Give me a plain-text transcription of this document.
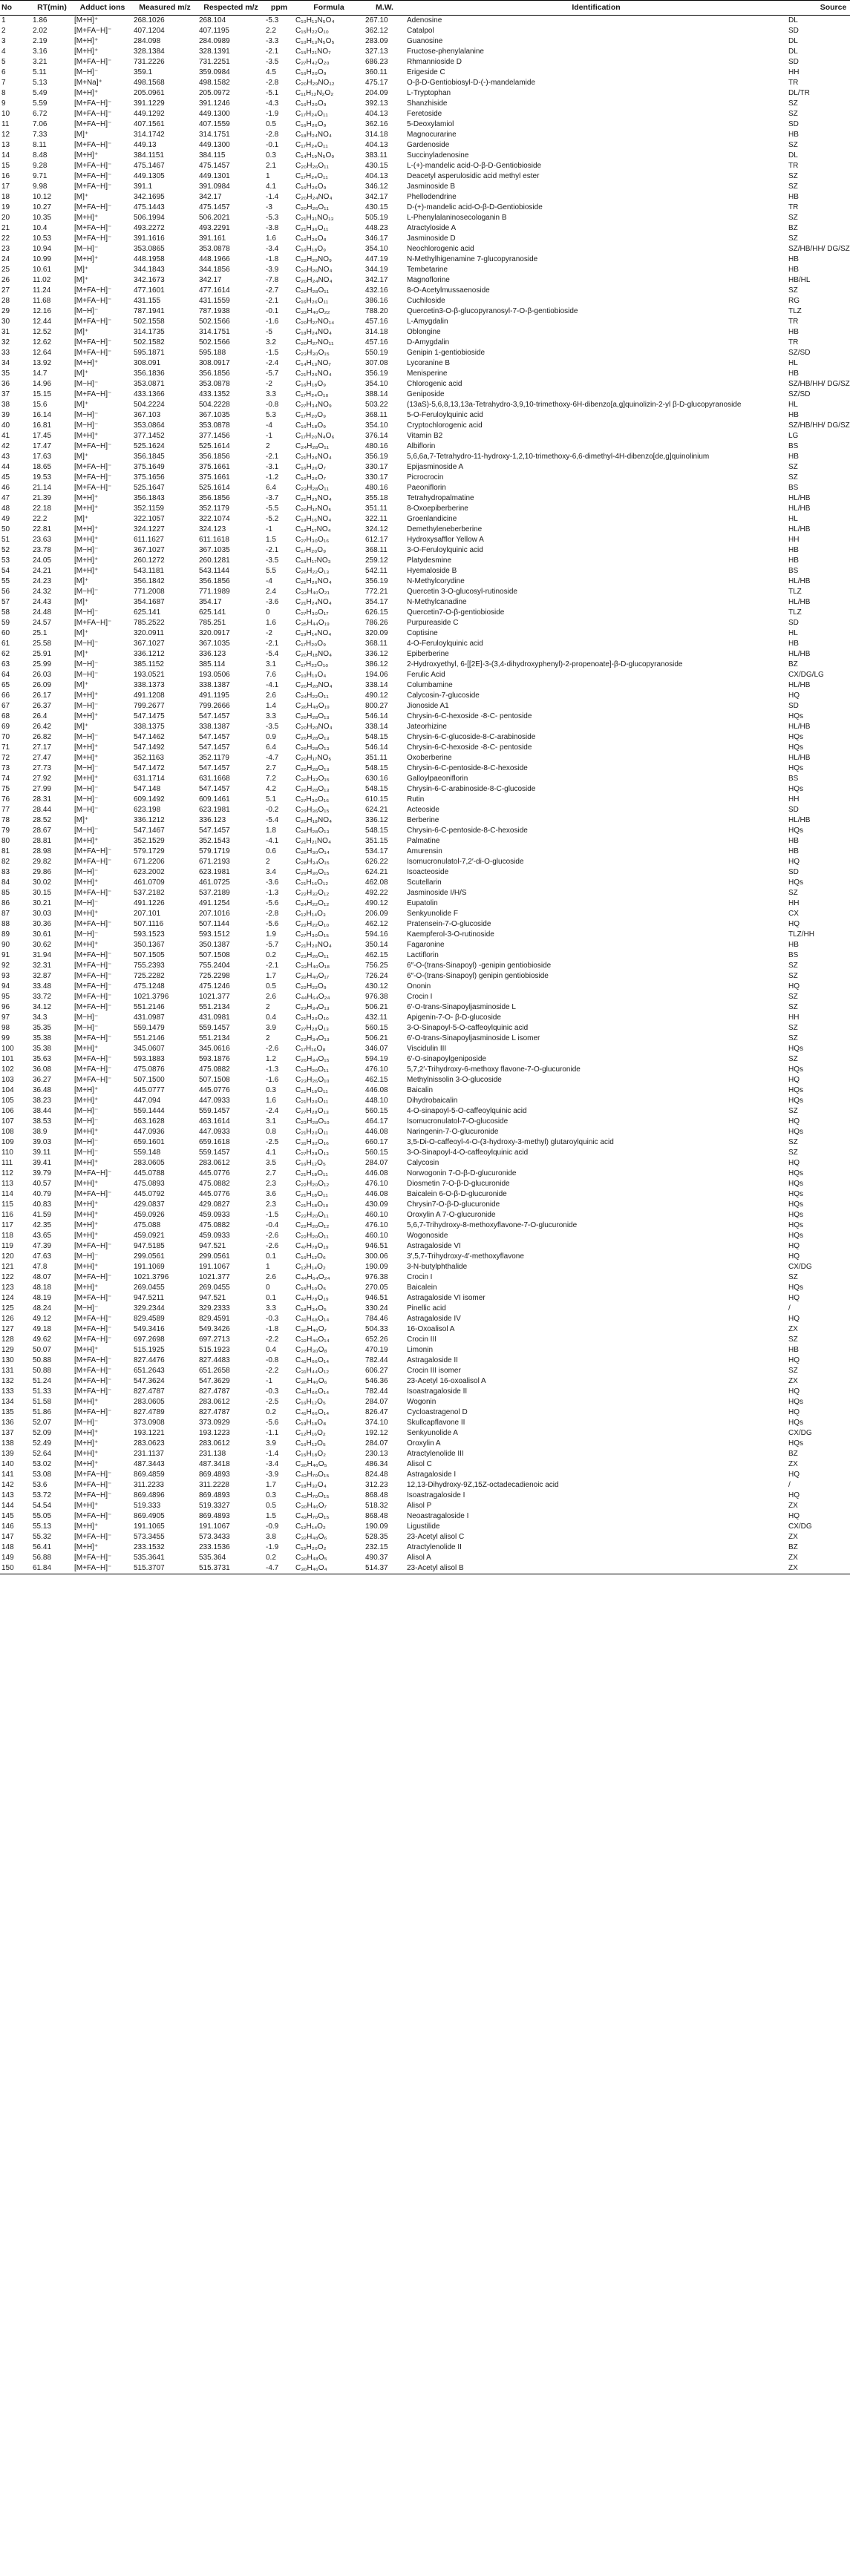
No	RT(min)	Adduct ions	Measured m/z	Respected m/z	ppm	Formula	M.W.	Identification	Source
1	1.86	[M+H]⁺	268.1026	268.104	-5.3	C₁₀H₁₃N₅O₄	267.10	Adenosine	DL
2	2.02	[M+FA−H]⁻	407.1204	407.1195	2.2	C₁₅H₂₂O₁₀	362.12	Catalpol	SD
3	2.19	[M+H]⁺	284.098	284.0989	-3.3	C₁₀H₁₃N₅O₅	283.09	Guanosine	DL
4	3.16	[M+H]⁺	328.1384	328.1391	-2.1	C₁₅H₂₁NO₇	327.13	Fructose-phenylalanine	DL
5	3.21	[M+FA−H]⁻	731.2226	731.2251	-3.5	C₂₇H₄₂O₂₀	686.23	Rhmannioside D	SD
6	5.11	[M−H]⁻	359.1	359.0984	4.5	C₁₆H₂₀O₉	360.11	Erigeside C	HH
7	5.13	[M+Na]⁺	498.1568	498.1582	-2.8	C₂₀H₂₉NO₁₂	475.17	O-β-D-Gentiobiosyl-D-(-)-mandelamide	TR
8	5.49	[M+H]⁺	205.0961	205.0972	-5.1	C₁₁H₁₂N₂O₂	204.09	L-Tryptophan	DL/TR
9	5.59	[M+FA−H]⁻	391.1229	391.1246	-4.3	C₁₆H₂₀O₉	392.13	Shanzhiside	SZ
10	6.72	[M+FA−H]⁻	449.1292	449.1300	-1.9	C₁₇H₂₄O₁₁	404.13	Feretoside	SZ
11	7.06	[M+FA−H]⁻	407.1561	407.1559	0.5	C₁₆H₂₆O₉	362.16	5-Deoxylamiol	SD
12	7.33	[M]⁺	314.1742	314.1751	-2.8	C₁₈H₂₄NO₄	314.18	Magnocurarine	HB
13	8.11	[M+FA−H]⁻	449.13	449.1300	-0.1	C₁₇H₂₄O₁₁	404.13	Gardenoside	SZ
14	8.48	[M+H]⁺	384.1151	384.115	0.3	C₁₄H₁₉N₅O₉	383.11	Succinyladenosine	DL
15	9.28	[M+FA−H]⁻	475.1467	475.1457	2.1	C₂₀H₂₆O₁₁	430.15	L-(+)-mandelic acid-O-β-D-Gentiobioside	TR
16	9.71	[M+FA−H]⁻	449.1305	449.1301	1	C₁₇H₂₄O₁₁	404.13	Deacetyl asperulosidic acid methyl ester	SZ
17	9.98	[M+FA−H]⁻	391.1	391.0984	4.1	C₁₆H₂₆O₉	346.12	Jasminoside B	SZ
18	10.12	[M]⁺	342.1695	342.17	-1.4	C₂₀H₂₄NO₄	342.17	Phellodendrine	HB
19	10.27	[M+FA−H]⁻	475.1443	475.1457	-3	C₂₀H₂₆O₁₁	430.15	D-(+)-mandelic acid-O-β-D-Gentiobioside	TR
20	10.35	[M+H]⁺	506.1994	506.2021	-5.3	C₂₁H₃₁NO₁₃	505.19	L-Phenylalaninosecologanin B	SZ
21	10.4	[M+FA−H]⁻	493.2272	493.2291	-3.8	C₂₁H₃₆O₁₁	448.23	Atractyloside A	BZ
22	10.53	[M+FA−H]⁻	391.1616	391.161	1.6	C₁₆H₂₆O₈	346.17	Jasminoside D	SZ
23	10.94	[M−H]⁻	353.0865	353.0878	-3.4	C₁₆H₁₈O₉	354.10	Neochlorogenic acid	SZ/HB/HH/ DG/SZ
24	10.99	[M+H]⁺	448.1958	448.1966	-1.8	C₂₂H₂₉NO₉	447.19	N-Methylhigenamine 7-glucopyranoside	HB
25	10.61	[M]⁺	344.1843	344.1856	-3.9	C₂₀H₂₆NO₄	344.19	Tembetarine	HB
26	11.02	[M]⁺	342.1673	342.17	-7.8	C₂₀H₂₄NO₄	342.17	Magnoflorine	HB/HL
27	11.24	[M+FA−H]⁻	477.1601	477.1614	-2.7	C₂₀H₂₈O₁₁	432.16	8-O-Acetylmussaenoside	SZ
28	11.68	[M+FA−H]⁻	431.155	431.1559	-2.1	C₁₆H₂₆O₁₁	386.16	Cuchiloside	RG
29	12.16	[M−H]⁻	787.1941	787.1938	-0.1	C₃₃H₄₀O₂₂	788.20	Quercetin3-O-β-glucopyranosyl-7-O-β-gentiobioside	TLZ
30	12.44	[M+FA−H]⁻	502.1558	502.1566	-1.6	C₂₀H₂₇NO₁₄	457.16	L-Amygdalin	TR
31	12.52	[M]⁺	314.1735	314.1751	-5	C₁₈H₂₄NO₄	314.18	Oblongine	HB
32	12.62	[M+FA−H]⁻	502.1582	502.1566	3.2	C₂₀H₂₇NO₁₁	457.16	D-Amygdalin	TR
33	12.64	[M+FA−H]⁻	595.1871	595.188	-1.5	C₂₃H₃₀O₁₅	550.19	Genipin 1-gentiobioside	SZ/SD
34	13.92	[M+H]⁺	308.091	308.0917	-2.4	C₁₄H₁₃NO₇	307.08	Lycoranine B	HL
35	14.7	[M]⁺	356.1836	356.1856	-5.7	C₂₁H₂₆NO₄	356.19	Menisperine	HB
36	14.96	[M−H]⁻	353.0871	353.0878	-2	C₁₆H₁₈O₉	354.10	Chlorogenic acid	SZ/HB/HH/ DG/SZ
37	15.15	[M+FA−H]⁻	433.1366	433.1352	3.3	C₁₇H₂₄O₁₀	388.14	Geniposide	SZ/SD
38	15.6	[M]⁺	504.2224	504.2228	-0.8	C₂₇H₃₄NO₉	503.22	(13aS)-5,6,8,13,13a-Tetrahydro-3,9,10-trimethoxy-6H-dibenzo[a,g]quinolizin-2-yl β-D-glucopyranoside	HL
39	16.14	[M−H]⁻	367.103	367.1035	5.3	C₁₇H₂₀O₉	368.11	5-O-Feruloylquinic acid	HB
40	16.81	[M−H]⁻	353.0864	353.0878	-4	C₁₆H₁₈O₉	354.10	Cryptochlorogenic acid	SZ/HB/HH/ DG/SZ
41	17.45	[M+H]⁺	377.1452	377.1456	-1	C₁₇H₂₀N₄O₆	376.14	Vitamin B2	LG
42	17.47	[M+FA−H]⁻	525.1624	525.1614	2	C₂₄H₂₈O₁₁	480.16	Albiflorin	BS
43	17.63	[M]⁺	356.1845	356.1856	-2.1	C₂₁H₂₆NO₄	356.19	5,6,6a,7-Tetrahydro-11-hydroxy-1,2,10-trimethoxy-6,6-dimethyl-4H-dibenzo[de,g]quinolinium	HB
44	18.65	[M+FA−H]⁻	375.1649	375.1661	-3.1	C₁₆H₂₆O₇	330.17	Epijasminoside A	SZ
45	19.53	[M+FA−H]⁻	375.1656	375.1661	-1.2	C₁₆H₂₆O₇	330.17	Picrocrocin	SZ
46	21.14	[M+FA−H]⁻	525.1647	525.1614	6.4	C₂₃H₂₈O₁₁	480.16	Paeoniflorin	BS
47	21.39	[M+H]⁺	356.1843	356.1856	-3.7	C₂₁H₂₅NO₄	355.18	Tetrahydropalmatine	HL/HB
48	22.18	[M+H]⁺	352.1159	352.1179	-5.5	C₂₀H₁₇NO₅	351.11	8-Oxoepiberberine	HL/HB
49	22.2	[M]⁺	322.1057	322.1074	-5.2	C₁₉H₁₆NO₄	322.11	Groenlandicine	HL
50	22.81	[M+H]⁺	324.1227	324.123	-1	C₁₉H₁₇NO₄	324.12	Demethyleneberberine	HL/HB
51	23.63	[M+H]⁺	611.1627	611.1618	1.5	C₂₇H₃₀O₁₆	612.17	Hydroxysafflor Yellow A	HH
52	23.78	[M−H]⁻	367.1027	367.1035	-2.1	C₁₇H₂₀O₉	368.11	3-O-Feruloylquinic acid	HB
53	24.05	[M+H]⁺	260.1272	260.1281	-3.5	C₁₅H₁₇NO₃	259.12	Platydesmine	HB
54	24.21	[M+H]⁺	543.1181	543.1144	5.5	C₂₆H₂₂O₁₃	542.11	Hyemaloside B	BS
55	24.23	[M]⁺	356.1842	356.1856	-4	C₂₁H₂₆NO₄	356.19	N-Methylcorydine	HL/HB
56	24.32	[M−H]⁻	771.2008	771.1989	2.4	C₃₃H₄₀O₂₁	772.21	Quercetin 3-O-glucosyl-rutinoside	TLZ
57	24.43	[M]⁺	354.1687	354.17	-3.6	C₂₁H₂₄NO₄	354.17	N-Methylcanadine	HL/HB
58	24.48	[M−H]⁻	625.141	625.141	0	C₂₇H₃₀O₁₇	626.15	Quercetin7-O-β-gentiobioside	TLZ
59	24.57	[M+FA−H]⁻	785.2522	785.251	1.6	C₃₅H₄₄O₁₉	786.26	Purpureaside C	SD
60	25.1	[M]⁺	320.0911	320.0917	-2	C₁₉H₁₄NO₄	320.09	Coptisine	HL
61	25.58	[M−H]⁻	367.1027	367.1035	-2.1	C₁₇H₂₀O₉	368.11	4-O-Feruloylquinic acid	HB
62	25.91	[M]⁺	336.1212	336.123	-5.4	C₂₀H₁₈NO₄	336.12	Epiberberine	HL/HB
63	25.99	[M−H]⁻	385.1152	385.114	3.1	C₁₇H₂₂O₁₀	386.12	2-Hydroxyethyl, 6-[[2E]-3-(3,4-dihydroxyphenyl)-2-propenoate]-β-D-glucopyranoside	BZ
64	26.03	[M−H]⁻	193.0521	193.0506	7.6	C₁₀H₁₀O₄	194.06	Ferulic Acid	CX/DG/LG
65	26.09	[M]⁺	338.1373	338.1387	-4.1	C₂₀H₂₀NO₄	338.14	Columbamine	HL/HB
66	26.17	[M+H]⁺	491.1208	491.1195	2.6	C₂₄H₂₂O₁₁	490.12	Calycosin-7-glucoside	HQ
67	26.37	[M−H]⁻	799.2677	799.2666	1.4	C₃₆H₄₈O₁₉	800.27	Jionoside A1	SD
68	26.4	[M+H]⁺	547.1475	547.1457	3.3	C₂₆H₂₈O₁₃	546.14	Chrysin-6-C-hexoside -8-C- pentoside	HQs
69	26.42	[M]⁺	338.1375	338.1387	-3.5	C₂₀H₂₀NO₄	338.14	Jateorhizine	HL/HB
70	26.82	[M−H]⁻	547.1462	547.1457	0.9	C₂₆H₂₈O₁₃	548.15	Chrysin-6-C-glucoside-8-C-arabinoside	HQs
71	27.17	[M+H]⁺	547.1492	547.1457	6.4	C₂₆H₂₈O₁₃	546.14	Chrysin-6-C-hexoside -8-C- pentoside	HQs
72	27.47	[M+H]⁺	352.1163	352.1179	-4.7	C₂₀H₁₇NO₅	351.11	Oxoberberine	HL/HB
73	27.73	[M−H]⁻	547.1472	547.1457	2.7	C₂₆H₂₈O₁₃	548.15	Chrysin-6-C-pentoside-8-C-hexoside	HQs
74	27.92	[M+H]⁺	631.1714	631.1668	7.2	C₃₀H₃₂O₁₅	630.16	Galloylpaeoniflorin	BS
75	27.99	[M−H]⁻	547.148	547.1457	4.2	C₂₆H₂₈O₁₃	548.15	Chrysin-6-C-arabinoside-8-C-glucoside	HQs
76	28.31	[M−H]⁻	609.1492	609.1461	5.1	C₂₇H₃₀O₁₆	610.15	Rutin	HH
77	28.44	[M−H]⁻	623.198	623.1981	-0.2	C₂₉H₃₆O₁₅	624.21	Acteoside	SD
78	28.52	[M]⁺	336.1212	336.123	-5.4	C₂₀H₁₈NO₄	336.12	Berberine	HL/HB
79	28.67	[M−H]⁻	547.1467	547.1457	1.8	C₂₆H₂₈O₁₃	548.15	Chrysin-6-C-pentoside-8-C-hexoside	HQs
80	28.81	[M+H]⁺	352.1529	352.1543	-4.1	C₂₁H₂₁NO₄	351.15	Palmatine	HB
81	28.98	[M+FA−H]⁻	579.1729	579.1719	0.6	C₂₆H₃₀O₁₄	534.17	Amurensin	HB
82	29.82	[M+FA−H]⁻	671.2206	671.2193	2	C₂₈H₃₄O₁₅	626.22	Isomucronulatol-7,2′-di-O-glucoside	HQ
83	29.86	[M−H]⁻	623.2002	623.1981	3.4	C₂₉H₃₆O₁₅	624.21	Isoacteoside	SD
84	30.02	[M+H]⁺	461.0709	461.0725	-3.6	C₂₁H₁₆O₁₂	462.08	Scutellarin	HQs
85	30.15	[M+FA−H]⁻	537.2182	537.2189	-1.3	C₂₂H₃₂O₁₂	492.22	Jasminoside I/H/S	SZ
86	30.21	[M−H]⁻	491.1226	491.1254	-5.6	C₂₄H₂₂O₁₂	490.12	Eupatolin	HH
87	30.03	[M+H]⁺	207.101	207.1016	-2.8	C₁₂H₁₄O₃	206.09	Senkyunolide F	CX
88	30.36	[M+FA−H]⁻	507.1116	507.1144	-5.6	C₂₂H₂₂O₁₀	462.12	Pratensein-7-O-glucoside	HQ
89	30.61	[M−H]⁻	593.1523	593.1512	1.9	C₂₇H₃₀O₁₅	594.16	Kaempferol-3-O-rutinoside	TLZ/HH
90	30.62	[M+H]⁺	350.1367	350.1387	-5.7	C₂₁H₂₀NO₄	350.14	Fagaronine	HB
91	31.94	[M+FA−H]⁻	507.1505	507.1508	0.2	C₂₃H₂₆O₁₁	462.15	Lactiflorin	BS
92	32.31	[M+FA−H]⁻	755.2393	755.2404	-2.1	C₃₃H₄₀O₁₈	756.25	6″-O-(trans-Sinapoyl) -genipin gentiobioside	SZ
93	32.87	[M+FA−H]⁻	725.2282	725.2298	1.7	C₃₂H₄₀O₁₇	726.24	6″-O-(trans-Sinapoyl) genipin gentiobioside	SZ
94	33.48	[M+FA−H]⁻	475.1248	475.1246	0.5	C₂₂H₂₂O₉	430.12	Ononin	HQ
95	33.72	[M+FA−H]⁻	1021.3796	1021.377	2.6	C₄₄H₆₄O₂₄	976.38	Crocin I	SZ
96	34.12	[M+FA−H]⁻	551.2146	551.2134	2	C₂₃H₃₄O₁₃	506.21	6′-O-trans-Sinapoyljasminoside L	SZ
97	34.3	[M−H]⁻	431.0987	431.0981	0.4	C₂₁H₂₀O₁₀	432.11	Apigenin-7-O- β-D-glucoside	HH
98	35.35	[M−H]⁻	559.1479	559.1457	3.9	C₂₇H₂₈O₁₃	560.15	3-O-Sinapoyl-5-O-caffeoylquinic acid	SZ
99	35.38	[M+FA−H]⁻	551.2146	551.2134	2	C₂₃H₃₄O₁₃	506.21	6′-O-trans-Sinapoyljasminoside L isomer	SZ
100	35.38	[M+H]⁺	345.0607	345.0616	-2.6	C₁₇H₁₆O₈	346.07	Viscidulin III	HQs
101	35.63	[M+FA−H]⁻	593.1883	593.1876	1.2	C₂₆H₃₄O₁₅	594.19	6′-O-sinapoylgeniposide	SZ
102	36.08	[M+FA−H]⁻	475.0876	475.0882	-1.3	C₂₂H₂₀O₁₁	476.10	5,7,2′-Trihydroxy-6-methoxy flavone-7-O-glucuronide	HQs
103	36.27	[M+FA−H]⁻	507.1500	507.1508	-1.6	C₂₃H₂₆O₁₀	462.15	Methylnissolin 3-O-glucoside	HQ
104	36.48	[M+H]⁺	445.0777	445.0776	0.3	C₂₁H₁₈O₁₁	446.08	Baicalin	HQs
105	38.23	[M+H]⁺	447.094	447.0933	1.6	C₂₁H₂₀O₁₁	448.10	Dihydrobaicalin	HQs
106	38.44	[M−H]⁻	559.1444	559.1457	-2.4	C₂₇H₂₈O₁₃	560.15	4-O-sinapoyl-5-O-caffeoylquinic acid	SZ
107	38.53	[M−H]⁻	463.1628	463.1614	3.1	C₂₃H₂₈O₁₀	464.17	Isomucronulatol-7-O-glucoside	HQ
108	38.9	[M+H]⁺	447.0936	447.0933	0.8	C₂₁H₂₀O₁₁	446.08	Naringenin-7-O-glucuronide	HQs
109	39.03	[M−H]⁻	659.1601	659.1618	-2.5	C₃₁H₃₂O₁₆	660.17	3,5-Di-O-caffeoyl-4-O-(3-hydroxy-3-methyl) glutaroylquinic acid	SZ
110	39.11	[M−H]⁻	559.148	559.1457	4.1	C₂₇H₂₈O₁₃	560.15	3-O-Sinapoyl-4-O-caffeoylquinic acid	SZ
111	39.41	[M+H]⁺	283.0605	283.0612	3.5	C₁₆H₁₂O₅	284.07	Calycosin	HQ
112	39.79	[M+FA−H]⁻	445.0788	445.0776	2.7	C₂₁H₁₈O₁₁	446.08	Norwogonin 7-O-β-D-glucuronide	HQs
113	40.57	[M+H]⁺	475.0893	475.0882	2.3	C₂₂H₂₀O₁₂	476.10	Diosmetin 7-O-β-D-glucuronide	HQs
114	40.79	[M+FA−H]⁻	445.0792	445.0776	3.6	C₂₁H₁₈O₁₁	446.08	Baicalein 6-O-β-D-glucuronide	HQs
115	40.83	[M+H]⁺	429.0837	429.0827	2.3	C₂₁H₁₈O₁₀	430.09	Chrysin7-O-β-D-glucuronide	HQs
116	41.59	[M+H]⁺	459.0926	459.0933	-1.5	C₂₂H₂₀O₁₁	460.10	Oroxylin A 7-O-glucuronide	HQs
117	42.35	[M+H]⁺	475.088	475.0882	-0.4	C₂₂H₂₀O₁₂	476.10	5,6,7-Trihydroxy-8-methoxyflavone-7-O-glucuronide	HQs
118	43.65	[M+H]⁺	459.0921	459.0933	-2.6	C₂₂H₂₀O₁₁	460.10	Wogonoside	HQs
119	47.39	[M+FA−H]⁻	947.5185	947.521	-2.6	C₄₇H₇₈O₁₉	946.51	Astragaloside VI	HQ
120	47.63	[M−H]⁻	299.0561	299.0561	0.1	C₁₆H₁₂O₆	300.06	3′,5,7-Trihydroxy-4′-methoxyflavone	HQ
121	47.8	[M+H]⁺	191.1069	191.1067	1	C₁₂H₁₄O₂	190.09	3-N-butylphthalide	CX/DG
122	48.07	[M+FA−H]⁻	1021.3796	1021.377	2.6	C₄₄H₆₄O₂₄	976.38	Crocin I	SZ
123	48.18	[M+H]⁺	269.0455	269.0455	0	C₁₅H₁₀O₅	270.05	Baicalein	HQs
124	48.19	[M+FA−H]⁻	947.5211	947.521	0.1	C₄₇H₇₈O₁₉	946.51	Astragaloside VI isomer	HQ
125	48.24	[M−H]⁻	329.2344	329.2333	3.3	C₁₈H₃₄O₅	330.24	Pinellic acid	/
126	49.12	[M+FA−H]⁻	829.4589	829.4591	-0.3	C₄₁H₆₈O₁₄	784.46	Astragaloside IV	HQ
127	49.18	[M+FA−H]⁻	549.3416	549.3426	-1.8	C₃₀H₄₆O₇	504.33	16-Oxoalisol A	ZX
128	49.62	[M+FA−H]⁻	697.2698	697.2713	-2.2	C₃₂H₄₆O₁₄	652.26	Crocin III	SZ
129	50.07	[M+H]⁺	515.1925	515.1923	0.4	C₂₆H₃₀O₈	470.19	Limonin	HB
130	50.88	[M+FA−H]⁻	827.4476	827.4483	-0.8	C₄₁H₆₆O₁₄	782.44	Astragaloside II	HQ
131	50.88	[M+FA−H]⁻	651.2643	651.2658	-2.2	C₃₁H₄₄O₁₂	606.27	Crocin III isomer	SZ
132	51.24	[M+FA−H]⁻	547.3624	547.3629	-1	C₃₀H₄₆O₆	546.36	23-Acetyl 16-oxoalisol A	ZX
133	51.33	[M+FA−H]⁻	827.4787	827.4787	-0.3	C₄₁H₆₆O₁₄	782.44	Isoastragaloside II	HQ
134	51.58	[M+H]⁺	283.0605	283.0612	-2.5	C₁₆H₁₂O₅	284.07	Wogonin	HQs
135	51.86	[M+FA−H]⁻	827.4789	827.4787	0.2	C₄₁H₆₆O₁₄	826.47	Cycloastragenol D	HQ
136	52.07	[M−H]⁻	373.0908	373.0929	-5.6	C₁₉H₁₈O₈	374.10	Skullcapflavone II	HQs
137	52.09	[M+H]⁺	193.1221	193.1223	-1.1	C₁₂H₁₆O₂	192.12	Senkyunolide A	CX/DG
138	52.49	[M+H]⁺	283.0623	283.0612	3.9	C₁₆H₁₂O₅	284.07	Oroxylin A	HQs
139	52.64	[M+H]⁺	231.1137	231.138	-1.4	C₁₅H₁₈O₂	230.13	Atractylenolide III	BZ
140	53.02	[M+H]⁺	487.3443	487.3418	-3.4	C₃₀H₄₆O₅	486.34	Alisol C	ZX
141	53.08	[M+FA−H]⁻	869.4859	869.4893	-3.9	C₄₃H₇₀O₁₅	824.48	Astragaloside I	HQ
142	53.6	[M+FA−H]⁻	311.2233	311.2228	1.7	C₁₈H₃₂O₄	312.23	12,13-Dihydroxy-9Z,15Z-octadecadienoic acid	/
143	53.72	[M+FA−H]⁻	869.4896	869.4893	0.3	C₄₃H₇₀O₁₅	868.48	Isoastragaloside I	HQ
144	54.54	[M+H]⁺	519.333	519.3327	0.5	C₃₀H₄₆O₇	518.32	Alisol P	ZX
145	55.05	[M+FA−H]⁻	869.4905	869.4893	1.5	C₄₃H₇₀O₁₅	868.48	Neoastragaloside I	HQ
146	55.13	[M+H]⁺	191.1065	191.1067	-0.9	C₁₂H₁₄O₂	190.09	Ligustilide	CX/DG
147	55.32	[M+FA−H]⁻	573.3455	573.3433	3.8	C₃₂H₄₈O₆	528.35	23-Acetyl alisol C	ZX
148	56.41	[M+H]⁺	233.1532	233.1536	-1.9	C₁₅H₂₀O₂	232.15	Atractylenolide II	BZ
149	56.88	[M+FA−H]⁻	535.3641	535.364	0.2	C₃₀H₄₈O₅	490.37	Alisol A	ZX
150	61.84	[M+FA−H]⁻	515.3707	515.3731	-4.7	C₃₀H₄₆O₄	514.37	23-Acetyl alisol B	ZX
